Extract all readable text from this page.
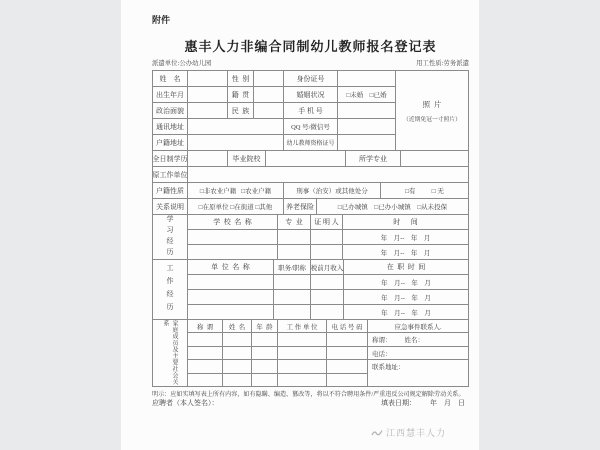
附件
惠丰人力非编合同制幼儿教师报名登记表
派遣单位:公办幼儿园	用工性质:劳务派遣
姓    名	性  别	身份证号
出生年月	籍  贯	婚姻状况	□未婚    □已婚
政治面貌	民  族	手 机 号
通讯地址	QQ 号/微信号
户籍地址	幼儿教师资格证号
照  片
（近期免冠一寸照片）
全日制学历	毕业院校	所学专业
原工作单位
户籍性质	□非农业户籍   □农业户籍	刑事（治安）或其他处分	□有          □ 无
关系说明	□在原单位 □在街道 □其他	养老保险	□已办城镇    □已办小城镇    □从未投保
学习经历	学  校  名  称	专  业	证 明 人	时      间
年    月--    年    月
年    月--    年    月
工作经历	单  位  名  称	职务/职称 税前月收入	在  职  时  间
年    月--    年    月
年    月--    年    月
年    月--    年    月
家庭成员及主要社会关系
称  谓	姓  名	年  龄	工 作 单 位	电 话 号 码	应急事件联系人.
称谓：        姓名：
电话：
联系地址：
明示：应如实填写表上所有内容，如有隐瞒、编造、篡改等，将以不符合聘用条件/严重违反公司规定解除劳动关系。
应聘者（本人签名）：	填表日期：        年    月    日
江西慧丰人力
